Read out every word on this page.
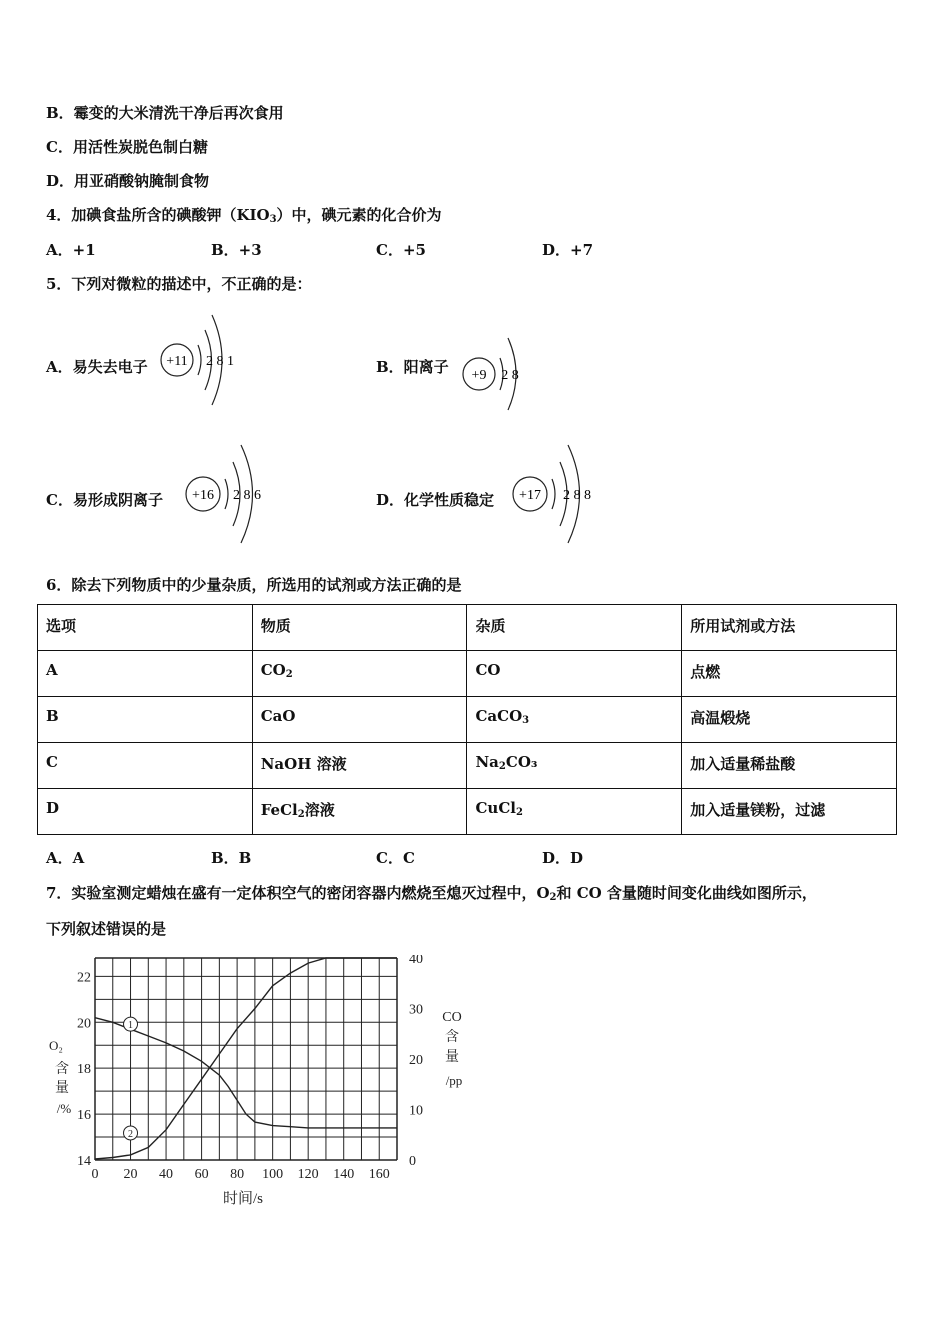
B．霉变的大米清洗干净后再次食用
C．用活性炭脱色制白糖
D．用亚硝酸钠腌制食物
4．加碘食盐所含的碘酸钾$(KIO_3)$中，碘元素的化合价为
A．+1	B．+3	C．+5	D．+7
5．下列对微粒的描述中，不正确的是：
A．易失去电子 +11 2 8 1	B．阳离子 +9 2 8
C．易形成阴离子 +16 2 8 6	D．化学性质稳定 +17 2 8 8
6．除去下列物质中的少量杂质，所选用的试剂或方法正确的是
选项	物质	杂质	所用试剂或方法
A	$CO_2$	CO	点燃
B	CaO	CaCO$_3$	高温煅烧
C	NaOH 溶液	$Na_2CO_3$	加入适量稀盐酸
D	FeCl$_2$溶液	CuCl$_2$	加入适量镁粉，过滤
A．A	B．B	C．C	D．D
7．实验室测定蜡烛在盛有一定体积空气的密闭容器内燃烧至熄灭过程中，$O_2$和 CO 含量随时间变化曲线如图所示，
下列叙述错误的是
0 20 40 60 80 100 120 140 160
14
16
18
20
22
0
10
20
30
40
1
2
O₂
含
量
/%
CO
含
量
/pp
时间/s
